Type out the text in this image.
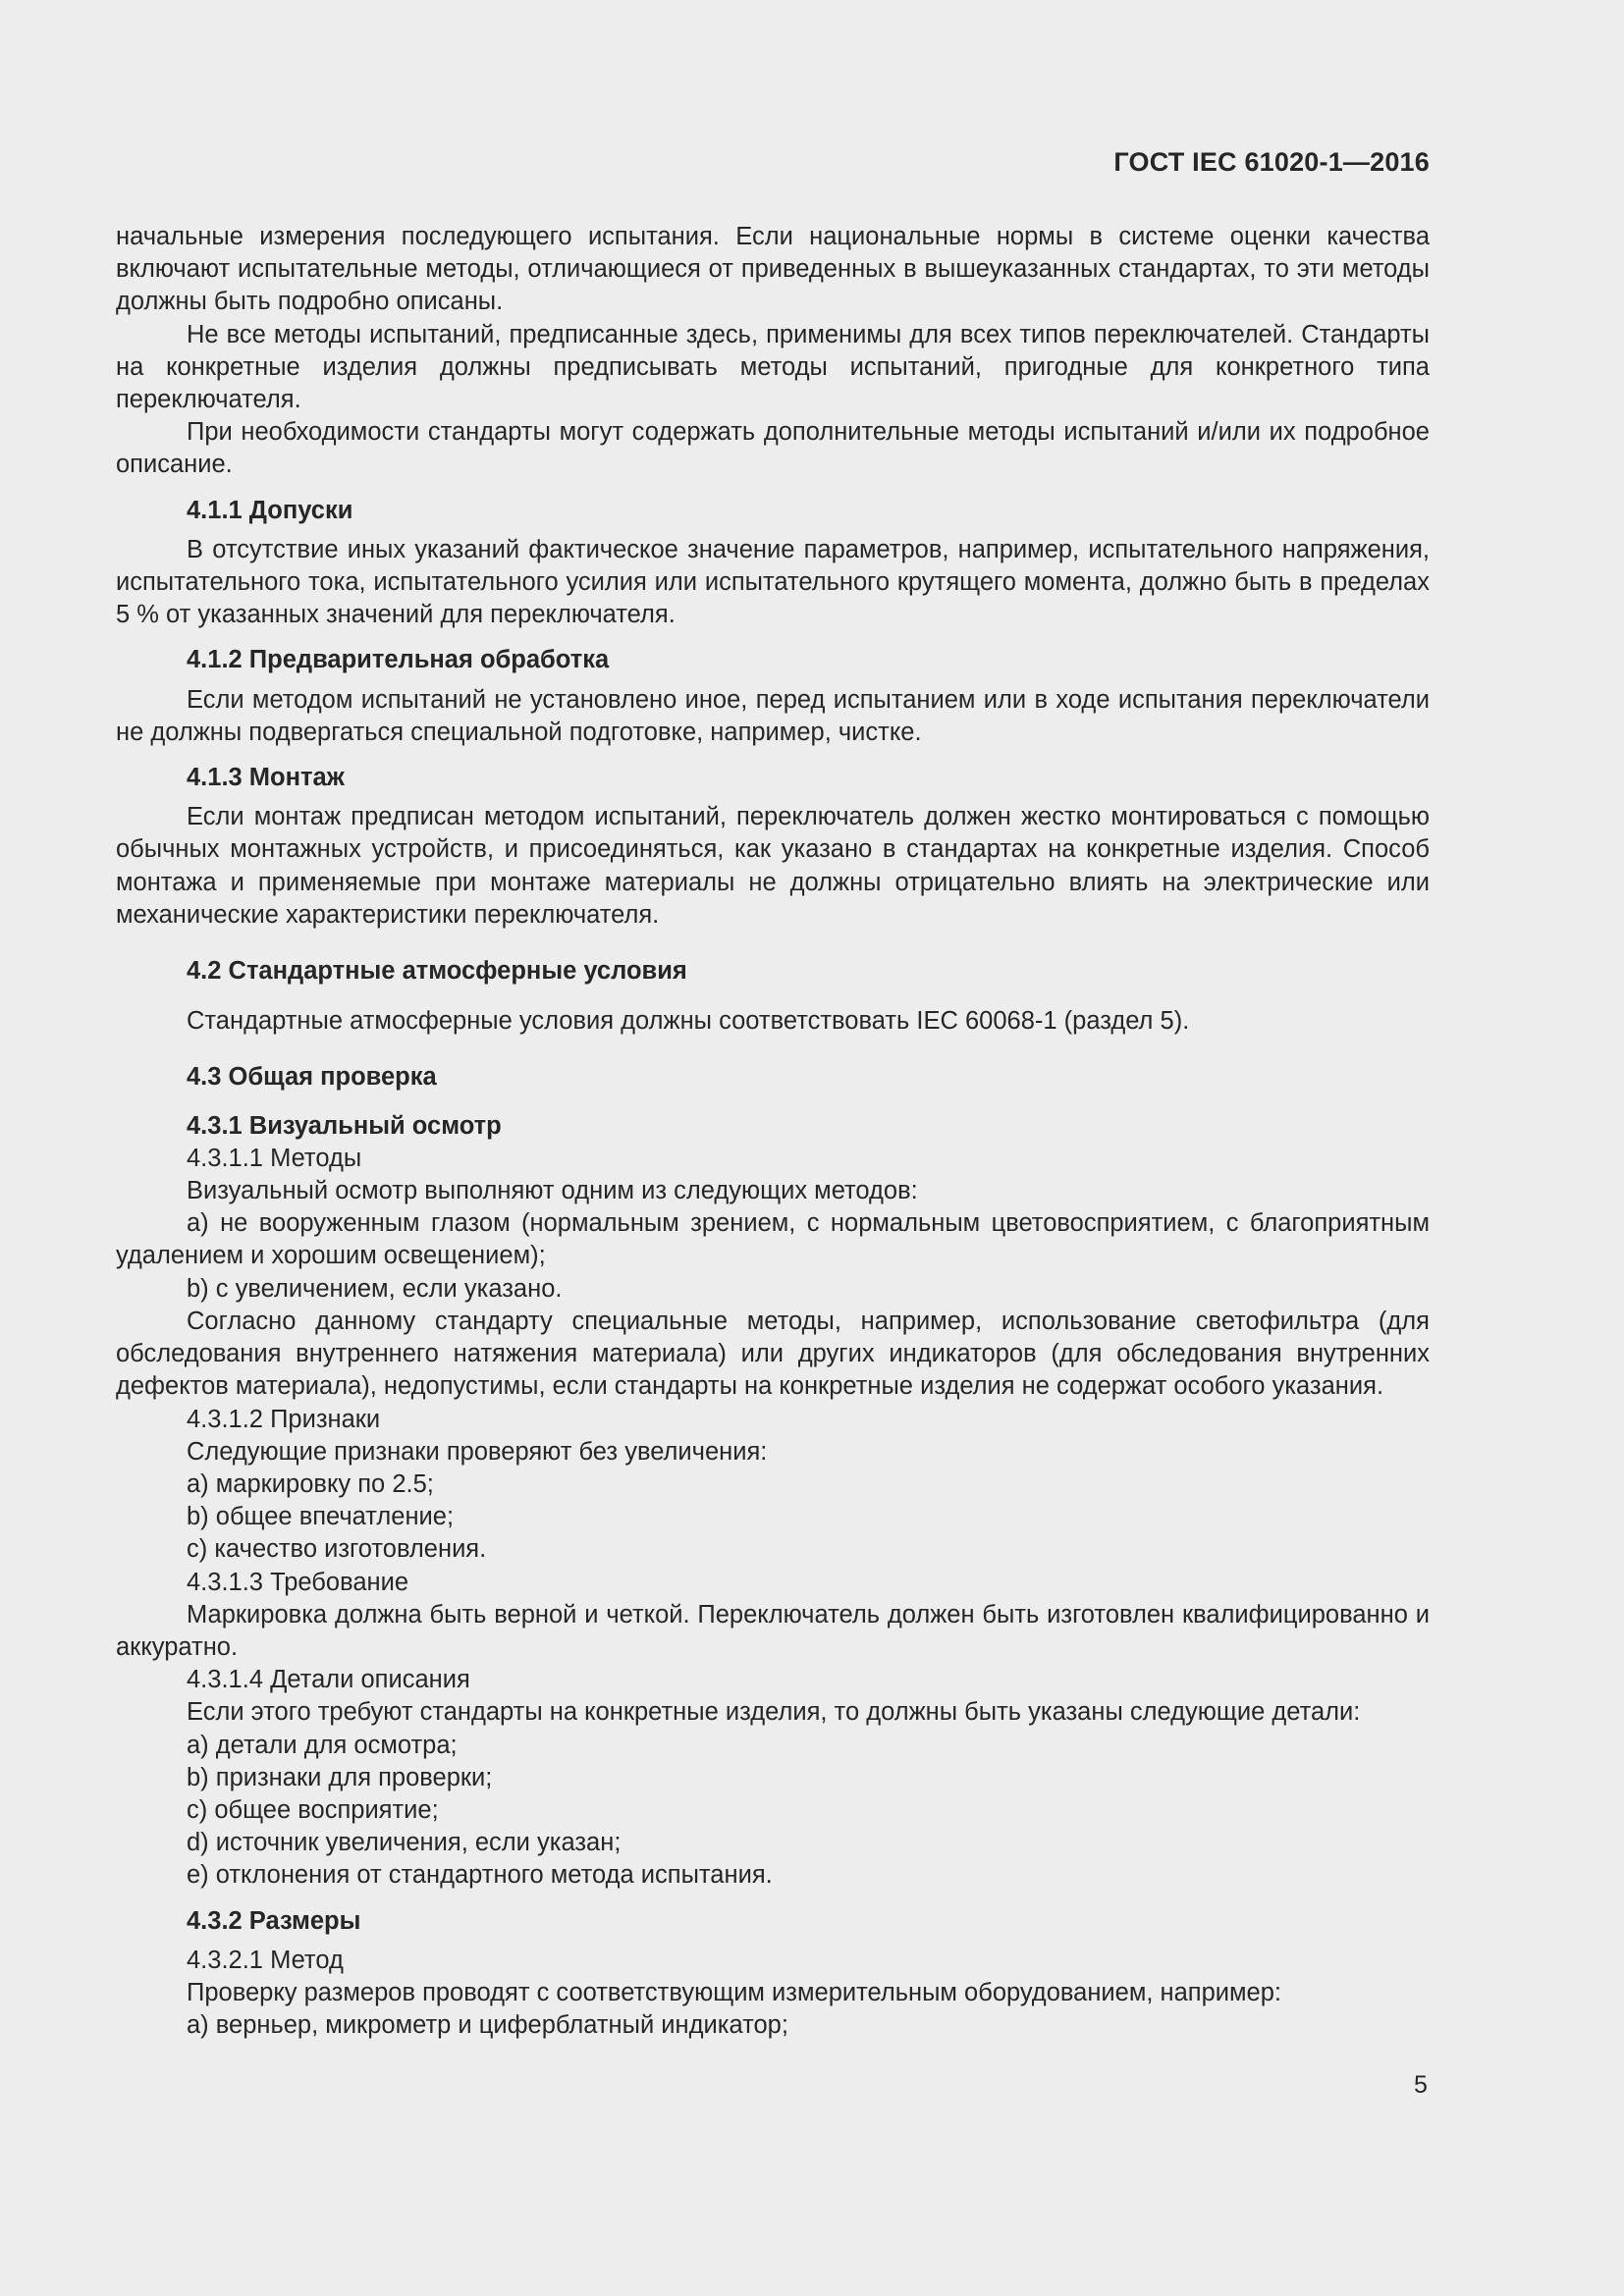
ГОСТ IEC 61020-1—2016

начальные измерения последующего испытания. Если национальные нормы в системе оценки качества включают испытательные методы, отличающиеся от приведенных в вышеуказанных стандартах, то эти методы должны быть подробно описаны.

Не все методы испытаний, предписанные здесь, применимы для всех типов переключателей. Стандарты на конкретные изделия должны предписывать методы испытаний, пригодные для конкретного типа переключателя.

При необходимости стандарты могут содержать дополнительные методы испытаний и/или их подробное описание.

4.1.1 Допуски

В отсутствие иных указаний фактическое значение параметров, например, испытательного напряжения, испытательного тока, испытательного усилия или испытательного крутящего момента, должно быть в пределах 5 % от указанных значений для переключателя.

4.1.2 Предварительная обработка

Если методом испытаний не установлено иное, перед испытанием или в ходе испытания переключатели не должны подвергаться специальной подготовке, например, чистке.

4.1.3 Монтаж

Если монтаж предписан методом испытаний, переключатель должен жестко монтироваться с помощью обычных монтажных устройств, и присоединяться, как указано в стандартах на конкретные изделия. Способ монтажа и применяемые при монтаже материалы не должны отрицательно влиять на электрические или механические характеристики переключателя.

4.2 Стандартные атмосферные условия

Стандартные атмосферные условия должны соответствовать IEC 60068-1 (раздел 5).

4.3 Общая проверка

4.3.1 Визуальный осмотр

4.3.1.1 Методы

Визуальный осмотр выполняют одним из следующих методов:

a) не вооруженным глазом (нормальным зрением, с нормальным цветовосприятием, с благоприятным удалением и хорошим освещением);

b) с увеличением, если указано.

Согласно данному стандарту специальные методы, например, использование светофильтра (для обследования внутреннего натяжения материала) или других индикаторов (для обследования внутренних дефектов материала), недопустимы, если стандарты на конкретные изделия не содержат особого указания.

4.3.1.2 Признаки

Следующие признаки проверяют без увеличения:

a) маркировку по 2.5;

b) общее впечатление;

c) качество изготовления.

4.3.1.3 Требование

Маркировка должна быть верной и четкой. Переключатель должен быть изготовлен квалифицированно и аккуратно.

4.3.1.4 Детали описания

Если этого требуют стандарты на конкретные изделия, то должны быть указаны следующие детали:

a) детали для осмотра;

b) признаки для проверки;

c) общее восприятие;

d) источник увеличения, если указан;

e) отклонения от стандартного метода испытания.

4.3.2 Размеры

4.3.2.1 Метод

Проверку размеров проводят с соответствующим измерительным оборудованием, например:

a) верньер, микрометр и циферблатный индикатор;

5
